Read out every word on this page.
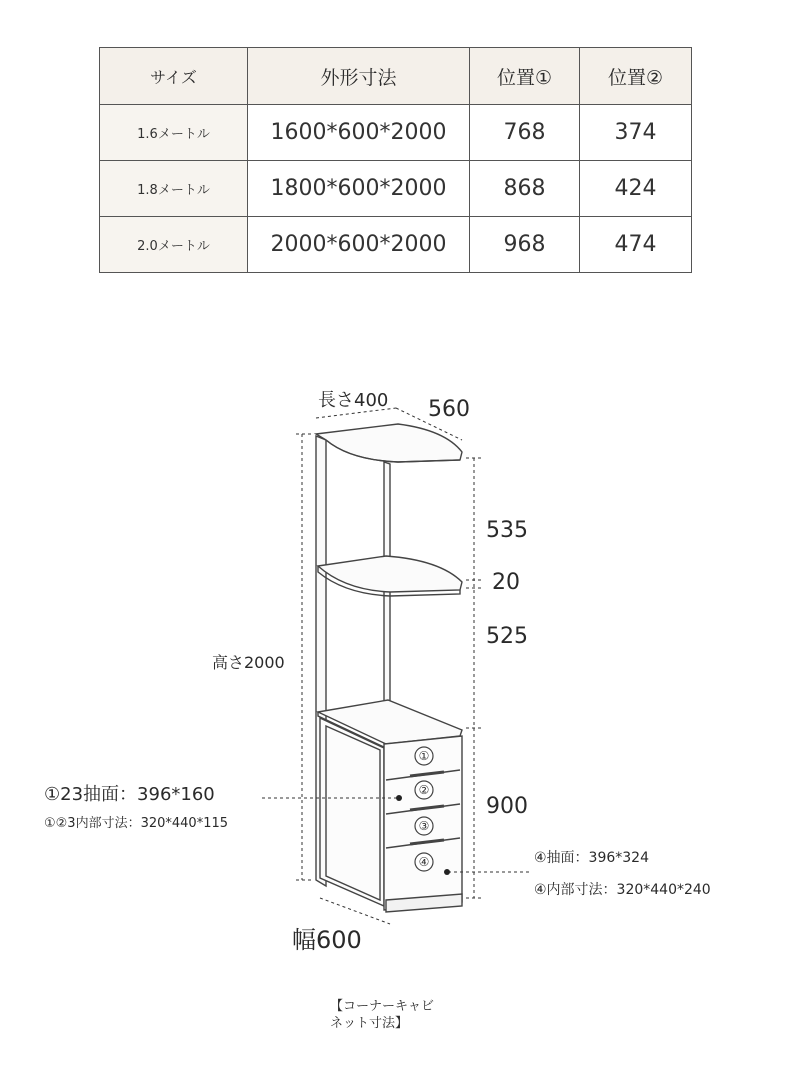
サイズ	外形寸法	位置①	位置②
1.6メートル	1600*600*2000	768	374
1.8メートル	1800*600*2000	868	424
2.0メートル	2000*600*2000	968	474
①
②
③
④
長さ400 560
高さ2000
535
20
525
900
幅600
①23抽面：396*160
①②3内部寸法：320*440*115
④抽面：396*324
④内部寸法：320*440*240
【コーナーキャビ
ネット寸法】
